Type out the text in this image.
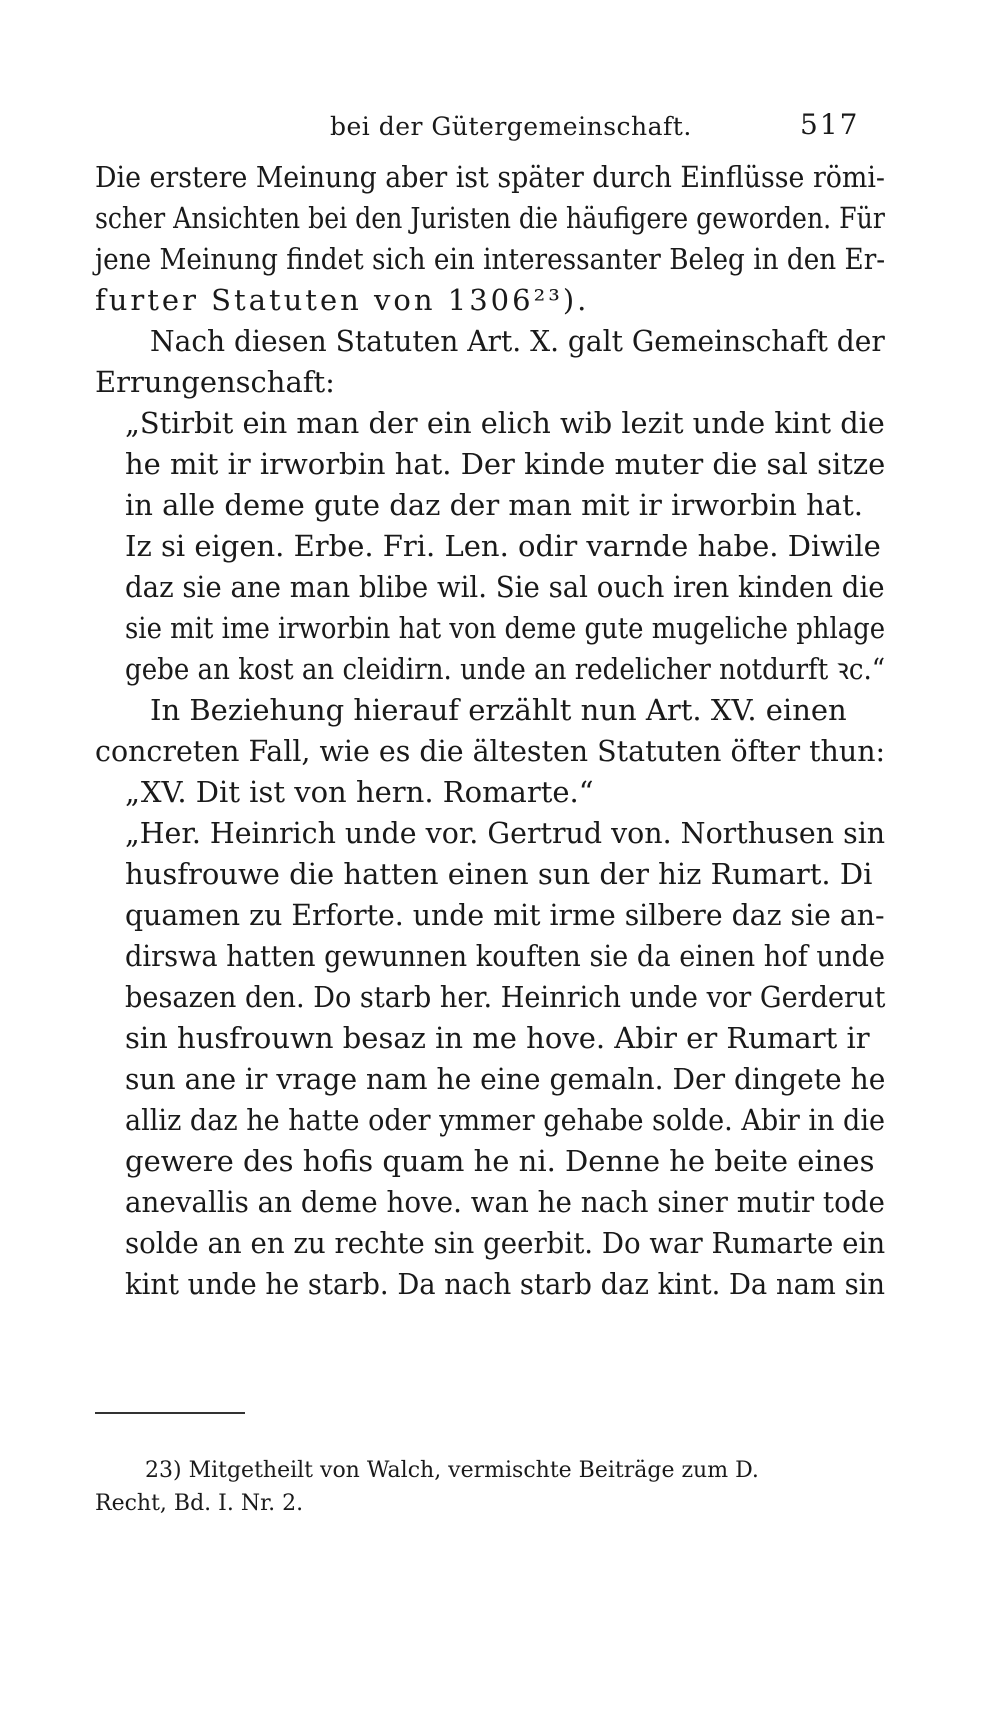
bei der Gütergemeinschaft.	517
Die erstere Meinung aber ist später durch Einflüsse römi-
scher Ansichten bei den Juristen die häufigere geworden. Für
jene Meinung findet sich ein interessanter Beleg in den Er-
furter Statuten von 1306²³).
Nach diesen Statuten Art. X. galt Gemeinschaft der
Errungenschaft:
„Stirbit ein man der ein elich wib lezit unde kint die
he mit ir irworbin hat. Der kinde muter die sal sitze
in alle deme gute daz der man mit ir irworbin hat.
Iz si eigen. Erbe. Fri. Len. odir varnde habe. Diwile
daz sie ane man blibe wil. Sie sal ouch iren kinden die
sie mit ime irworbin hat von deme gute mugeliche phlage
gebe an kost an cleidirn. unde an redelicher notdurft ꝛc.“
In Beziehung hierauf erzählt nun Art. XV. einen
concreten Fall, wie es die ältesten Statuten öfter thun:
„XV. Dit ist von hern. Romarte.“
„Her. Heinrich unde vor. Gertrud von. Northusen sin
husfrouwe die hatten einen sun der hiz Rumart. Di
quamen zu Erforte. unde mit irme silbere daz sie an-
dirswa hatten gewunnen kouften sie da einen hof unde
besazen den. Do starb her. Heinrich unde vor Gerderut
sin husfrouwn besaz in me hove. Abir er Rumart ir
sun ane ir vrage nam he eine gemaln. Der dingete he
alliz daz he hatte oder ymmer gehabe solde. Abir in die
gewere des hofis quam he ni. Denne he beite eines
anevallis an deme hove. wan he nach siner mutir tode
solde an en zu rechte sin geerbit. Do war Rumarte ein
kint unde he starb. Da nach starb daz kint. Da nam sin
23) Mitgetheilt von Walch, vermischte Beiträge zum D.
Recht, Bd. I. Nr. 2.
